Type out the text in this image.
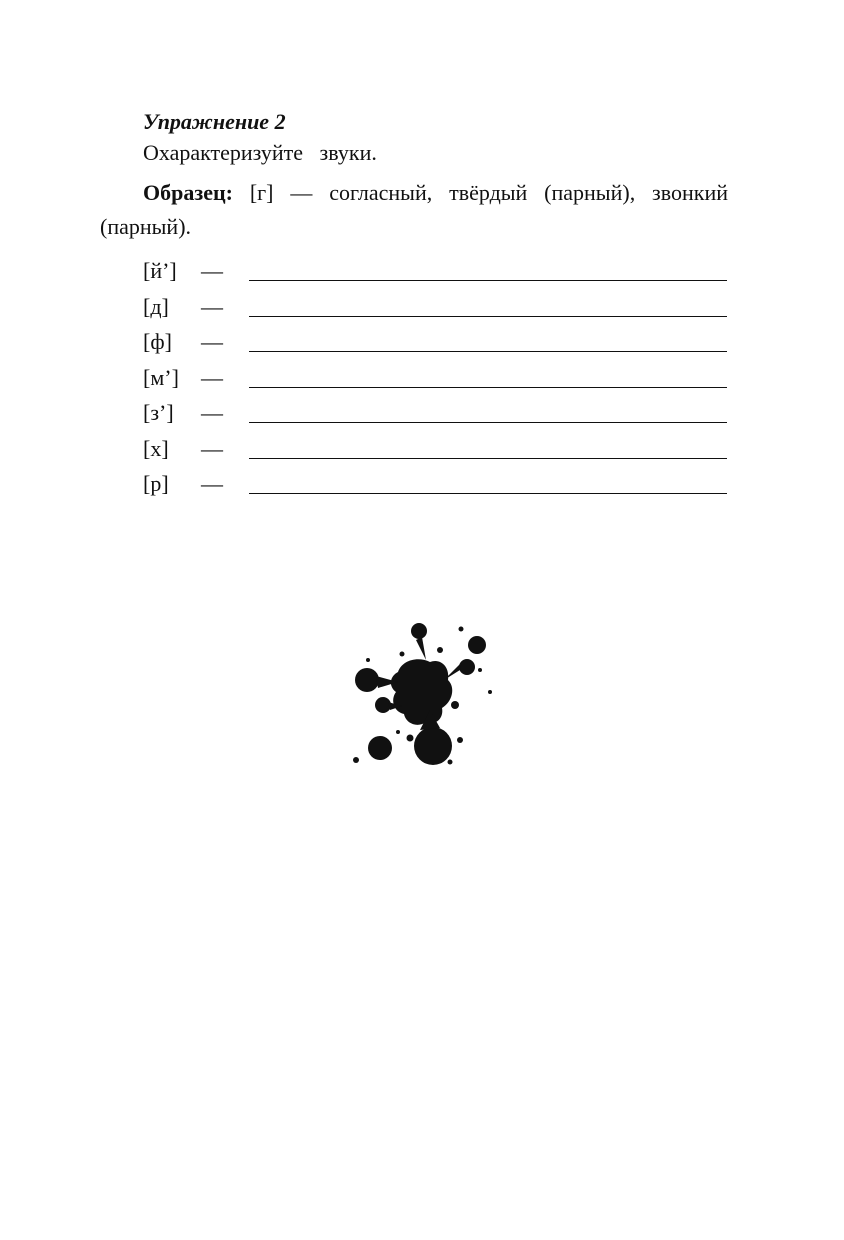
Упражнение 2
Охарактеризуйте   звуки.
Образец: [г] — согласный, твёрдый (парный), звонкий (парный).
[й’] —
[д] —
[ф] —
[м’] —
[з’] —
[х] —
[р] —
